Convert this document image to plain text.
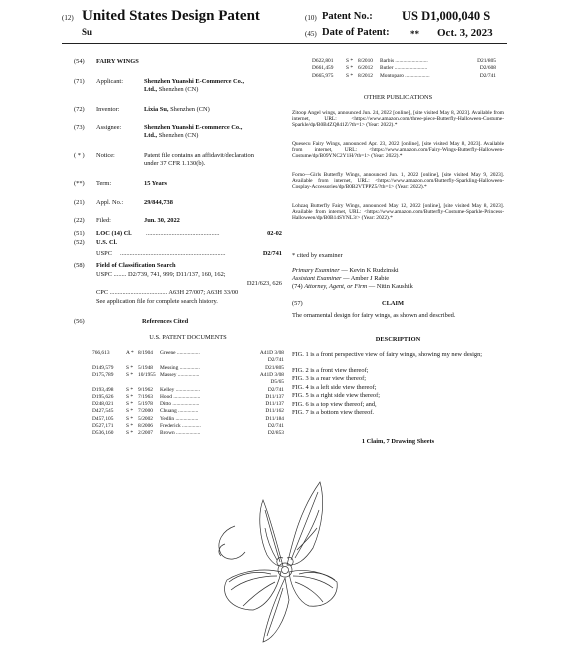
(12) United States Design Patent
Su
(10) Patent No.: US D1,000,040 S
(45) Date of Patent: ** Oct. 3, 2023
(54)	FAIRY WINGS
(71)	Applicant:	Shenzhen Yuanshi E-Commerce Co.,
Ltd., Shenzhen (CN)
(72)	Inventor:	Lixia Su, Shenzhen (CN)
(73)	Assignee:	Shenzhen Yuanshi E-commerce Co.,
Ltd., Shenzhen (CN)
( * )	Notice:	Patent file contains an affidavit/declaration
under 37 CFR 1.130(b).
(**)	Term:	15 Years
(21)	Appl. No.:	29/844,738
(22)	Filed:	Jun. 30, 2022
(51)	LOC (14) Cl. ..............................................	02-02
(52)	U.S. Cl.
USPC ..................................................................	D2/741
(58)	Field of Classification Search
USPC ........ D2/739, 741, 999; D11/137, 160, 162;
D21/623, 626
CPC .................................... A63H 27/007; A63H 33/00
See application file for complete search history.
(56)	References Cited
U.S. PATENT DOCUMENTS
766,613	A * 8/1904 Greene .................	A41D 3/08
D2/741
D149,579 S * 5/1948 Messing ...............	D21/805
D175,789 S * 10/1955 Massey ................	A41D 3/08
D5/65
D193,498 S * 9/1962 Kelley ..................	D2/741
D195,626 S * 7/1963 Hood ....................	D11/137
D248,021 S * 5/1978 Ditto ....................	D11/137
D427,545 S * 7/2000 Chuang ...............	D11/162
D457,105 S * 5/2002 Yedlin .................	D11/184
D527,171 S * 8/2006 Frederick ..............	D2/741
D536,160 S * 2/2007 Brown ..................	D2/853
D622,801 S * 8/2010 Barbis ........................	D21/805
D661,459 S * 6/2012 Butler ........................	D2/608
D665,975 S * 8/2012 Montoparo ..................	D2/741
OTHER PUBLICATIONS
Zitoop Angel wings, announced Jun. 24, 2022 [online], [site visited May 8, 2023]. Available from internet, URL: <https://www.amazon.com/three-piece-Butterfly-Halloween-Costume-Sparkle/dp/B0B4ZQ841Z/?th=1> (Year: 2022).*
Quesecu Fairy Wings, announced Apr. 23, 2022 [online], [site visited May 8, 2023]. Available from internet, URL: <https://www.amazon.com/Fairy-Wings-Butterfly-Halloween-Costume/dp/B09YNC2Y1H/?th=1> (Year: 2022).*
Forno—Girls Butterfly Wings, announced Jun. 1, 2022 [online], [site visited May 9, 2023]. Available from internet, URL: <https://www.amazon.com/Butterfly-Sparkling-Halloween-Cosplay-Accessories/dp/B0B2VTPPZ5/?th=1> (Year: 2022).*
Lohzaq Butterfly Fairy Wings, announced May 12, 2022 [online], [site visited May 8, 2023]. Available from internet, URL: <https://www.amazon.com/Butterfly-Costume-Sparkle-Princess-Halloween/dp/B0B14SYNL3/> (Year: 2022).*
* cited by examiner
Primary Examiner — Kevin K Rudzinski
Assistant Examiner — Amber J Rabie
(74) Attorney, Agent, or Firm — Nitin Kaushik
(57)	CLAIM
The ornamental design for fairy wings, as shown and described.
DESCRIPTION
FIG. 1 is a front perspective view of fairy wings, showing my new design;
FIG. 2 is a front view thereof;
FIG. 3 is a rear view thereof;
FIG. 4 is a left side view thereof;
FIG. 5 is a right side view thereof;
FIG. 6 is a top view thereof; and,
FIG. 7 is a bottom view thereof.
1 Claim, 7 Drawing Sheets
